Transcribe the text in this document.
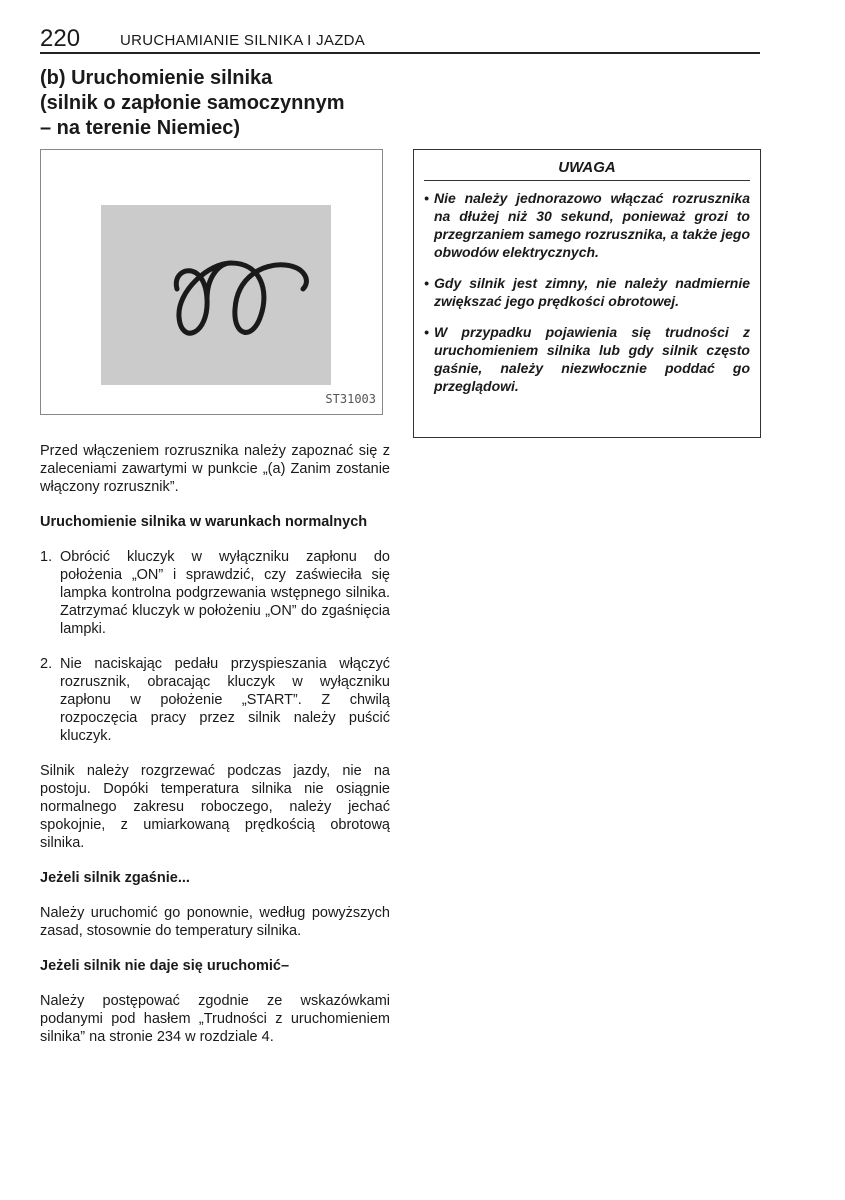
220	URUCHAMIANIE SILNIKA I JAZDA
(b) Uruchomienie silnika
(silnik o zapłonie samoczynnym
– na terenie Niemiec)
ST31003
UWAGA
• Nie należy jednorazowo włączać rozrusznika na dłużej niż 30 sekund, ponieważ grozi to przegrzaniem samego rozrusznika, a także jego obwodów elektrycznych.
• Gdy silnik jest zimny, nie należy nadmiernie zwiększać jego prędkości obrotowej.
• W przypadku pojawienia się trudności z uruchomieniem silnika lub gdy silnik często gaśnie, należy niezwłocznie poddać go przeglądowi.

Przed włączeniem rozrusznika należy zapoznać się z zaleceniami zawartymi w punkcie „(a) Zanim zostanie włączony rozrusznik”.

Uruchomienie silnika w warunkach normalnych

1. Obrócić kluczyk w wyłączniku zapłonu do położenia „ON” i sprawdzić, czy zaświeciła się lampka kontrolna podgrzewania wstępnego silnika. Zatrzymać kluczyk w położeniu „ON” do zgaśnięcia lampki.
2. Nie naciskając pedału przyspieszania włączyć rozrusznik, obracając kluczyk w wyłączniku zapłonu w położenie „START”. Z chwilą rozpoczęcia pracy przez silnik należy puścić kluczyk.

Silnik należy rozgrzewać podczas jazdy, nie na postoju. Dopóki temperatura silnika nie osiągnie normalnego zakresu roboczego, należy jechać spokojnie, z umiarkowaną prędkością obrotową silnika.

Jeżeli silnik zgaśnie...

Należy uruchomić go ponownie, według powyższych zasad, stosownie do temperatury silnika.

Jeżeli silnik nie daje się uruchomić–

Należy postępować zgodnie ze wskazówkami podanymi pod hasłem „Trudności z uruchomieniem silnika” na stronie 234 w rozdziale 4.
